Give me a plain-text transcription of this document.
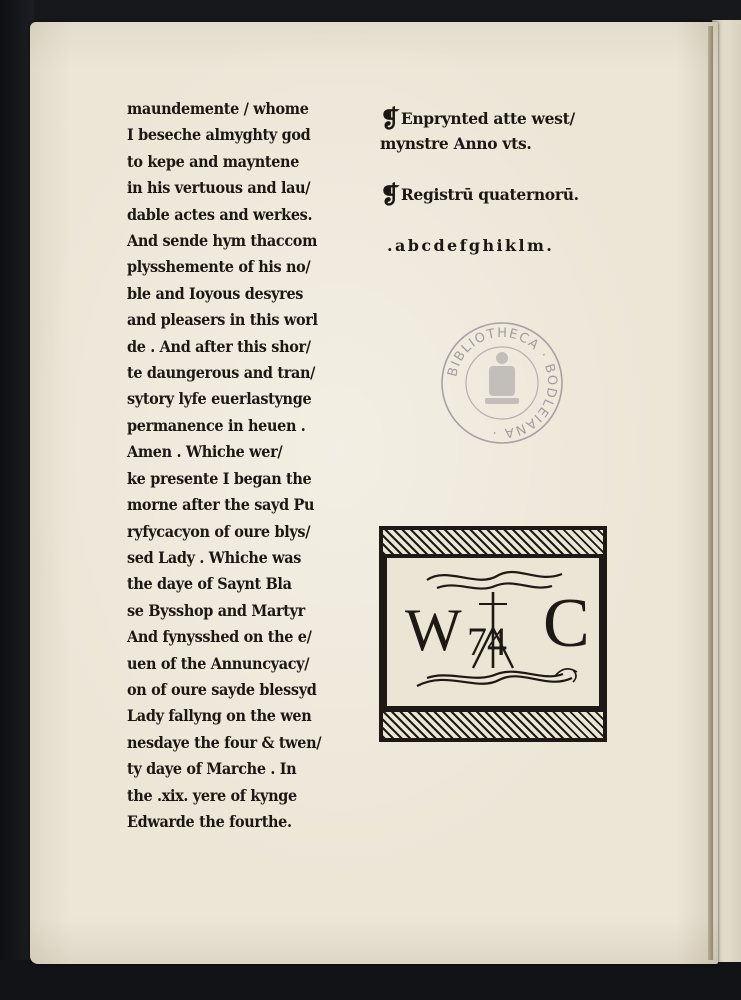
maundemente / whome
I beseche almyghty god
to kepe and mayntene
in his vertuous and lau/
dable actes and werkes.
And sende hym thaccom
plysshemente of his no/
ble and Ioyous desyres
and pleasers in this worl
de . And after this shor/
te daungerous and tran/
sytory lyfe euerlastynge
permanence in heuen .
Amen . Whiche wer/
ke presente I began the
morne after the sayd Pu
ryfycacyon of oure blys/
sed Lady . Whiche was
the daye of Saynt Bla
se Bysshop and Martyr
And fynysshed on the e/
uen of the Annuncyacy/
on of oure sayde blessyd
Lady fallyng on the wen
nesdaye the four & twen/
ty daye of Marche . In
the .xix. yere of kynge
Edwarde the fourthe.
❡Enprynted atte west/
mynstre Anno vts.
❡Registrū quaternorū.
.abcdefghiklm.
BIBLIOTHECA · BODLEIANA ·
W C
74
